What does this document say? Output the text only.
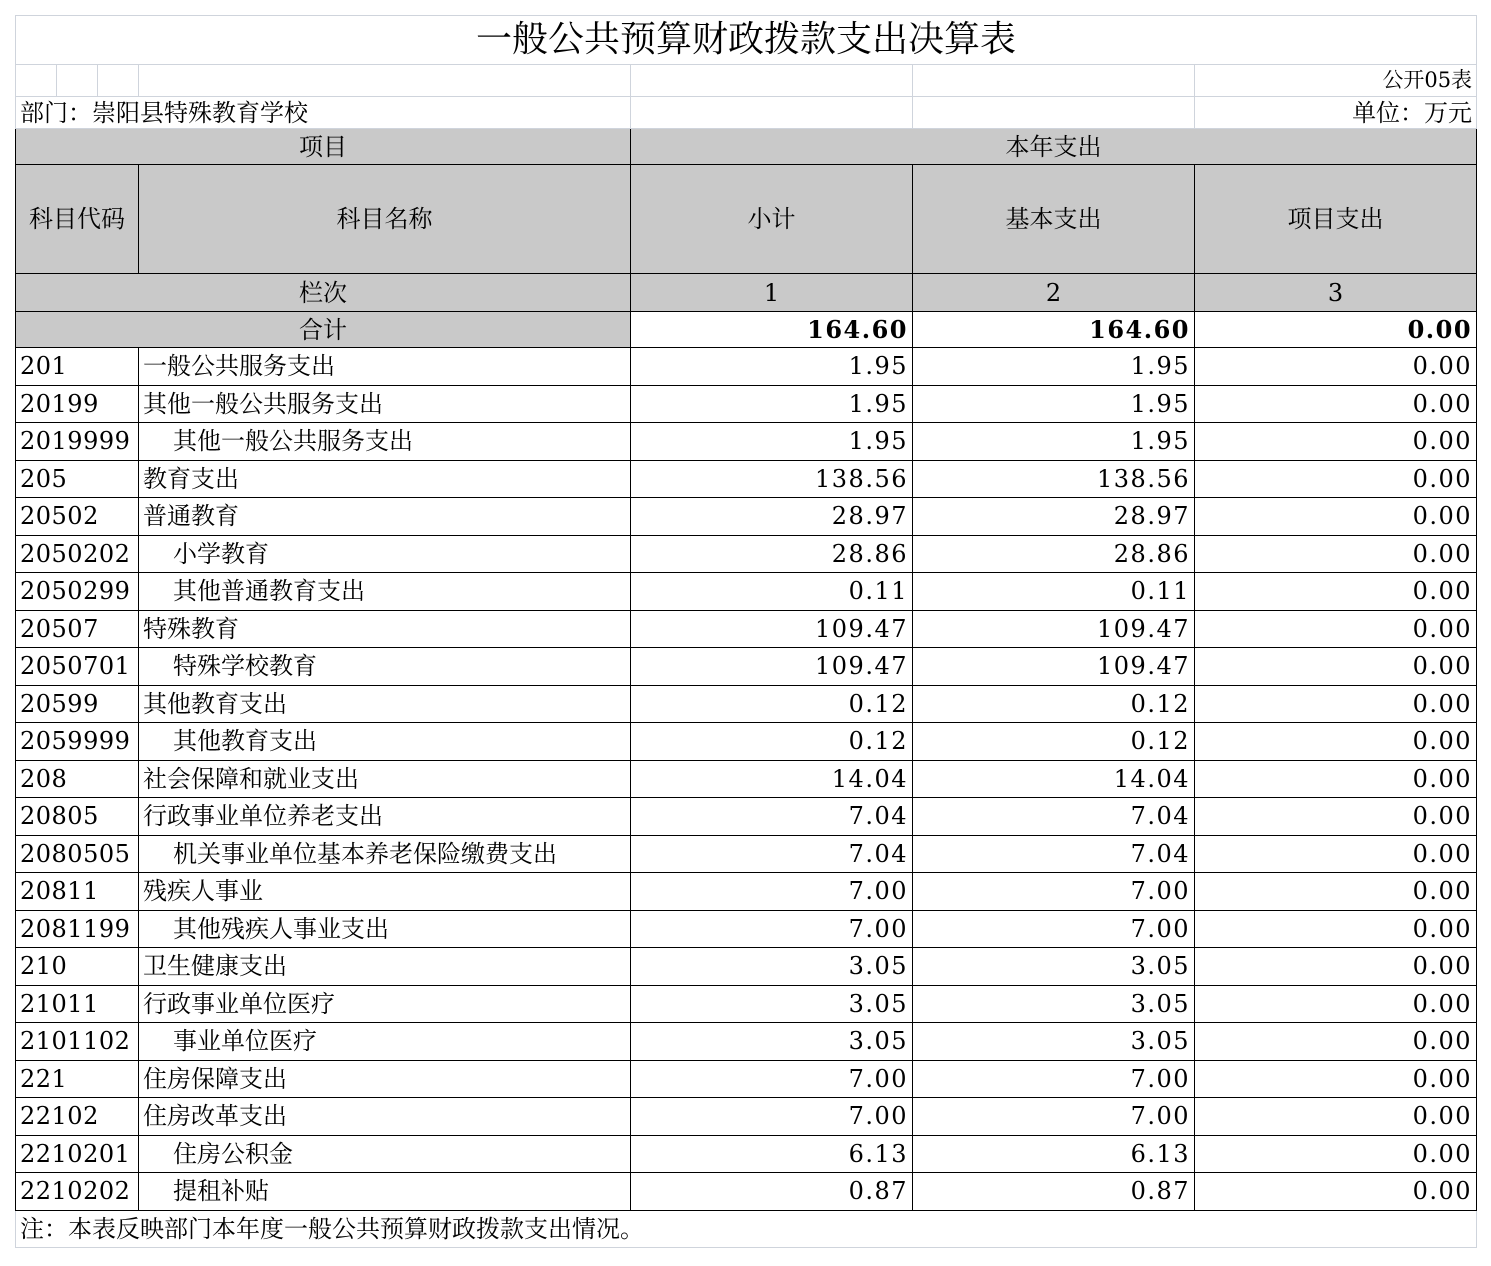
一般公共预算财政拨款支出决算表						
						公开05表
部门：崇阳县特殊教育学校						单位：万元
项目				本年支出		
科目代码			科目名称	小计	基本支出	项目支出
栏次				1	2	3
合计				164.60	164.60	0.00
201			一般公共服务支出	1.95	1.95	0.00
20199			其他一般公共服务支出	1.95	1.95	0.00
2019999			其他一般公共服务支出	1.95	1.95	0.00
205			教育支出	138.56	138.56	0.00
20502			普通教育	28.97	28.97	0.00
2050202			小学教育	28.86	28.86	0.00
2050299			其他普通教育支出	0.11	0.11	0.00
20507			特殊教育	109.47	109.47	0.00
2050701			特殊学校教育	109.47	109.47	0.00
20599			其他教育支出	0.12	0.12	0.00
2059999			其他教育支出	0.12	0.12	0.00
208			社会保障和就业支出	14.04	14.04	0.00
20805			行政事业单位养老支出	7.04	7.04	0.00
2080505			机关事业单位基本养老保险缴费支出	7.04	7.04	0.00
20811			残疾人事业	7.00	7.00	0.00
2081199			其他残疾人事业支出	7.00	7.00	0.00
210			卫生健康支出	3.05	3.05	0.00
21011			行政事业单位医疗	3.05	3.05	0.00
2101102			事业单位医疗	3.05	3.05	0.00
221			住房保障支出	7.00	7.00	0.00
22102			住房改革支出	7.00	7.00	0.00
2210201			住房公积金	6.13	6.13	0.00
2210202			提租补贴	0.87	0.87	0.00
注：本表反映部门本年度一般公共预算财政拨款支出情况。						
